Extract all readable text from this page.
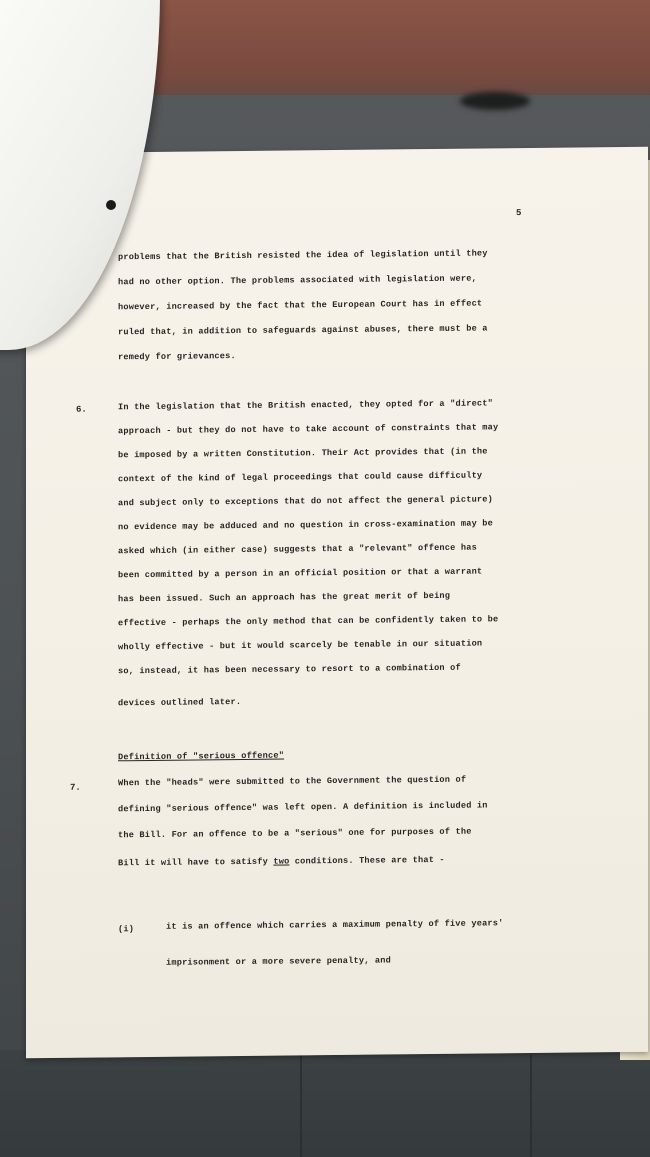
5
problems that the British resisted the idea of legislation until they
had no other option. The problems associated with legislation were,
however, increased by the fact that the European Court has in effect
ruled that, in addition to safeguards against abuses, there must be a
remedy for grievances.
6.	In the legislation that the British enacted, they opted for a "direct"
approach - but they do not have to take account of constraints that may
be imposed by a written Constitution. Their Act provides that (in the
context of the kind of legal proceedings that could cause difficulty
and subject only to exceptions that do not affect the general picture)
no evidence may be adduced and no question in cross-examination may be
asked which (in either case) suggests that a "relevant" offence has
been committed by a person in an official position or that a warrant
has been issued. Such an approach has the great merit of being
effective - perhaps the only method that can be confidently taken to be
wholly effective - but it would scarcely be tenable in our situation
so, instead, it has been necessary to resort to a combination of
devices outlined later.
Definition of "serious offence"
7.	When the "heads" were submitted to the Government the question of
defining "serious offence" was left open. A definition is included in
the Bill. For an offence to be a "serious" one for purposes of the
Bill it will have to satisfy two conditions. These are that -
(i)	it is an offence which carries a maximum penalty of five years'
imprisonment or a more severe penalty, and
